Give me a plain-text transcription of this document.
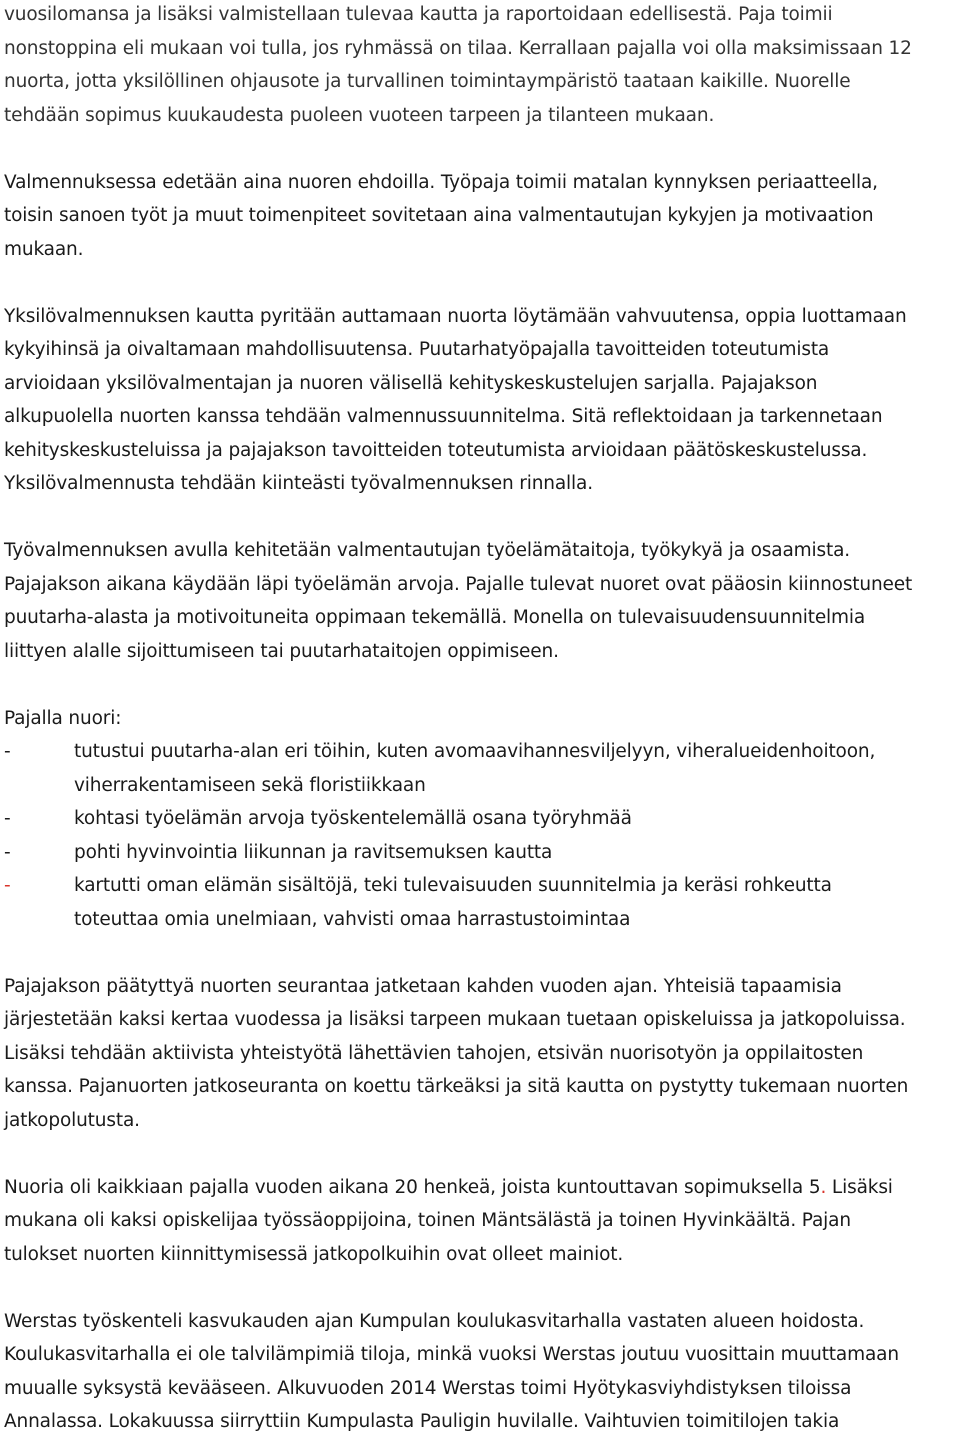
vuosilomansa ja lisäksi valmistellaan tulevaa kautta ja raportoidaan edellisestä. Paja toimii
nonstoppina eli mukaan voi tulla, jos ryhmässä on tilaa. Kerrallaan pajalla voi olla maksimissaan 12
nuorta, jotta yksilöllinen ohjausote ja turvallinen toimintaympäristö taataan kaikille. Nuorelle
tehdään sopimus kuukaudesta puoleen vuoteen tarpeen ja tilanteen mukaan.
Valmennuksessa edetään aina nuoren ehdoilla. Työpaja toimii matalan kynnyksen periaatteella,
toisin sanoen työt ja muut toimenpiteet sovitetaan aina valmentautujan kykyjen ja motivaation
mukaan.
Yksilövalmennuksen kautta pyritään auttamaan nuorta löytämään vahvuutensa, oppia luottamaan
kykyihinsä ja oivaltamaan mahdollisuutensa. Puutarhatyöpajalla tavoitteiden toteutumista
arvioidaan yksilövalmentajan ja nuoren välisellä kehityskeskustelujen sarjalla. Pajajakson
alkupuolella nuorten kanssa tehdään valmennussuunnitelma. Sitä reflektoidaan ja tarkennetaan
kehityskeskusteluissa ja pajajakson tavoitteiden toteutumista arvioidaan päätöskeskustelussa.
Yksilövalmennusta tehdään kiinteästi työvalmennuksen rinnalla.
Työvalmennuksen avulla kehitetään valmentautujan työelämätaitoja, työkykyä ja osaamista.
Pajajakson aikana käydään läpi työelämän arvoja. Pajalle tulevat nuoret ovat pääosin kiinnostuneet
puutarha-alasta ja motivoituneita oppimaan tekemällä. Monella on tulevaisuudensuunnitelmia
liittyen alalle sijoittumiseen tai puutarhataitojen oppimiseen.
Pajalla nuori:
-	tutustui puutarha-alan eri töihin, kuten avomaavihannesviljelyyn, viheralueidenhoitoon,
viherrakentamiseen sekä floristiikkaan
-	kohtasi työelämän arvoja työskentelemällä osana työryhmää
-	pohti hyvinvointia liikunnan ja ravitsemuksen kautta
-	kartutti oman elämän sisältöjä, teki tulevaisuuden suunnitelmia ja keräsi rohkeutta
toteuttaa omia unelmiaan, vahvisti omaa harrastustoimintaa
Pajajakson päätyttyä nuorten seurantaa jatketaan kahden vuoden ajan. Yhteisiä tapaamisia
järjestetään kaksi kertaa vuodessa ja lisäksi tarpeen mukaan tuetaan opiskeluissa ja jatkopoluissa.
Lisäksi tehdään aktiivista yhteistyötä lähettävien tahojen, etsivän nuorisotyön ja oppilaitosten
kanssa. Pajanuorten jatkoseuranta on koettu tärkeäksi ja sitä kautta on pystytty tukemaan nuorten
jatkopolutusta.
Nuoria oli kaikkiaan pajalla vuoden aikana 20 henkeä, joista kuntouttavan sopimuksella 5. Lisäksi
mukana oli kaksi opiskelijaa työssäoppijoina, toinen Mäntsälästä ja toinen Hyvinkäältä. Pajan
tulokset nuorten kiinnittymisessä jatkopolkuihin ovat olleet mainiot.
Werstas työskenteli kasvukauden ajan Kumpulan koulukasvitarhalla vastaten alueen hoidosta.
Koulukasvitarhalla ei ole talvilämpimiä tiloja, minkä vuoksi Werstas joutuu vuosittain muuttamaan
muualle syksystä kevääseen. Alkuvuoden 2014 Werstas toimi Hyötykasviyhdistyksen tiloissa
Annalassa. Lokakuussa siirryttiin Kumpulasta Pauligin huvilalle. Vaihtuvien toimitilojen takia
